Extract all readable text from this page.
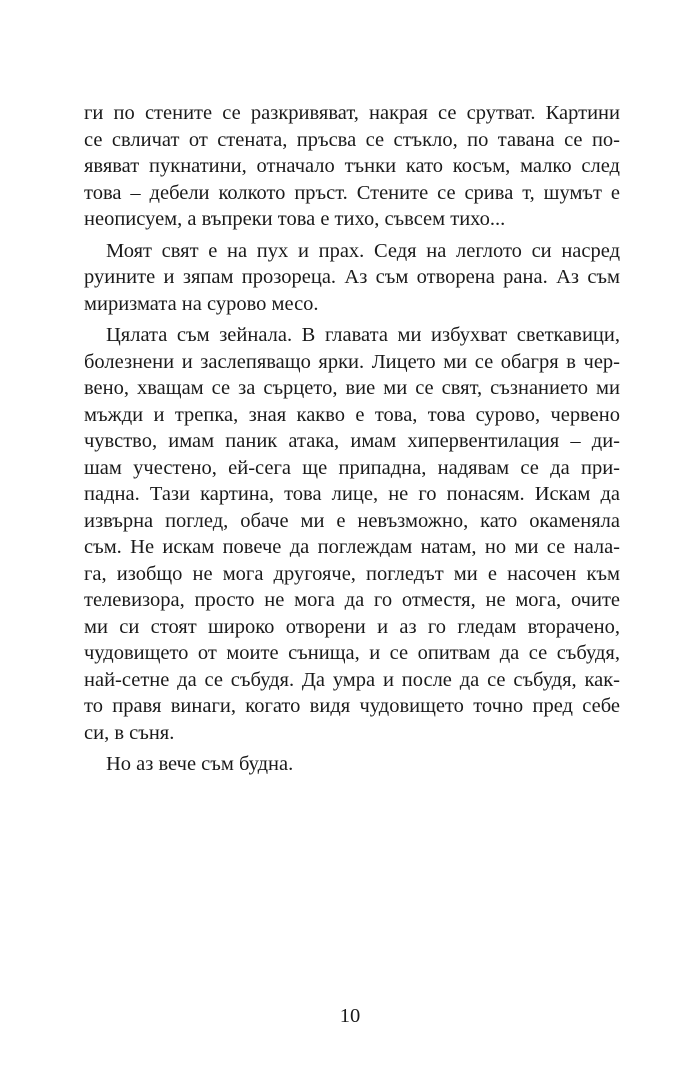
ги по стените се разкривяват, накрая се срутват. Картини
се свличат от стената, пръсва се стъкло, по тавана се по-
явяват пукнатини, отначало тънки като косъм, малко след
това – дебели колкото пръст. Стените се срива т, шумът е
неописуем, а въпреки това е тихо, съвсем тихо...
Моят свят е на пух и прах. Седя на леглото си насред
руините и зяпам прозореца. Аз съм отворена рана. Аз съм
миризмата на сурово месо.
Цялата съм зейнала. В главата ми избухват светкавици,
болезнени и заслепяващо ярки. Лицето ми се обагря в чер-
вено, хващам се за сърцето, вие ми се свят, съзнанието ми
мъжди и трепка, зная какво е това, това сурово, червено
чувство, имам паник атака, имам хипервентилация – ди-
шам учестено, ей-сега ще припадна, надявам се да при-
падна. Тази картина, това лице, не го понасям. Искам да
извърна поглед, обаче ми е невъзможно, като окаменяла
съм. Не искам повече да поглеждам натам, но ми се нала-
га, изобщо не мога другояче, погледът ми е насочен към
телевизора, просто не мога да го отместя, не мога, очите
ми си стоят широко отворени и аз го гледам вторачено,
чудовището от моите сънища, и се опитвам да се събудя,
най-сетне да се събудя. Да умра и после да се събудя, как-
то правя винаги, когато видя чудовището точно пред себе
си, в съня.
Но аз вече съм будна.
10
